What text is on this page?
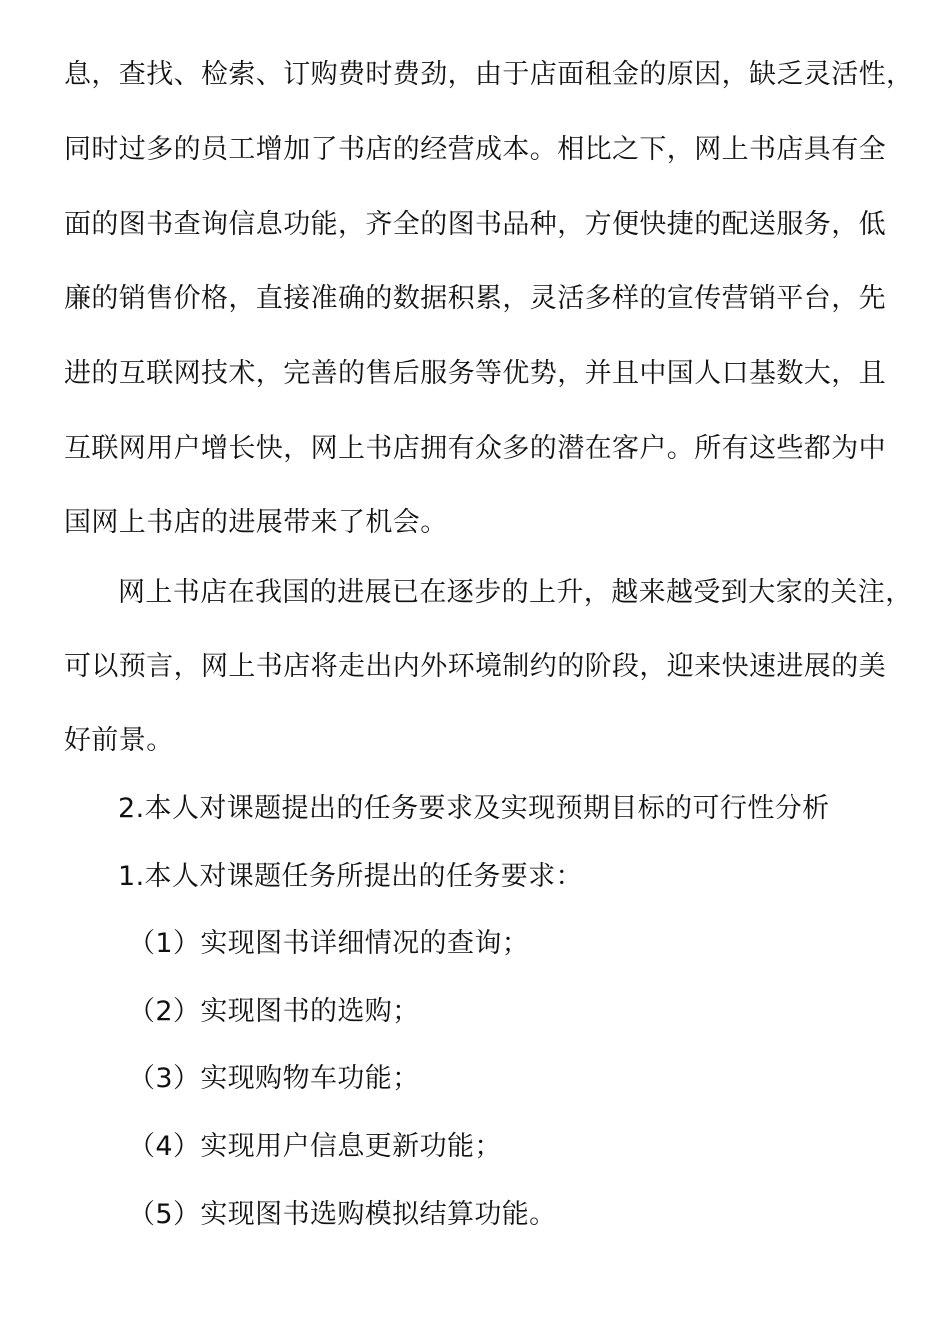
息，查找、检索、订购费时费劲，由于店面租金的原因，缺乏灵活性，
同时过多的员工增加了书店的经营成本。相比之下，网上书店具有全
面的图书查询信息功能，齐全的图书品种，方便快捷的配送服务，低
廉的销售价格，直接准确的数据积累，灵活多样的宣传营销平台，先
进的互联网技术，完善的售后服务等优势，并且中国人口基数大，且
互联网用户增长快，网上书店拥有众多的潜在客户。所有这些都为中
国网上书店的进展带来了机会。
网上书店在我国的进展已在逐步的上升，越来越受到大家的关注，
可以预言，网上书店将走出内外环境制约的阶段，迎来快速进展的美
好前景。
2.本人对课题提出的任务要求及实现预期目标的可行性分析
1.本人对课题任务所提出的任务要求：
（1）实现图书详细情况的查询；
（2）实现图书的选购；
（3）实现购物车功能；
（4）实现用户信息更新功能；
（5）实现图书选购模拟结算功能。
